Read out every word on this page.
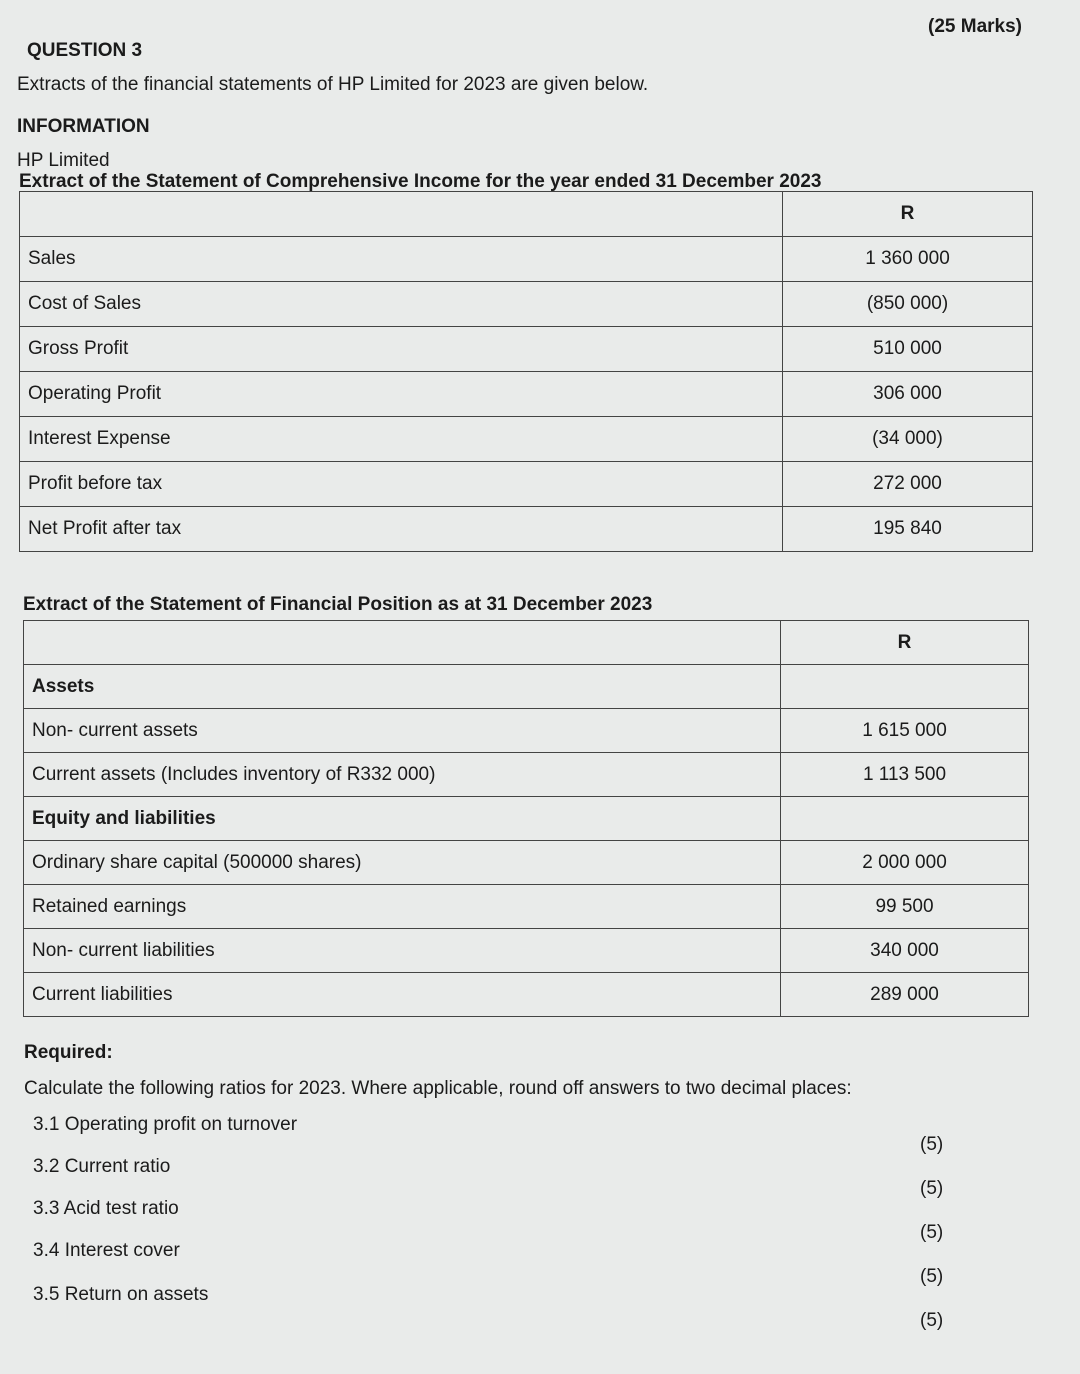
(25 Marks)
QUESTION 3
Extracts of the financial statements of HP Limited for 2023 are given below.
INFORMATION
HP Limited
Extract of the Statement of Comprehensive Income for the year ended 31 December 2023
	R
Sales	1 360 000
Cost of Sales	(850 000)
Gross Profit	510 000
Operating Profit	306 000
Interest Expense	(34 000)
Profit before tax	272 000
Net Profit after tax	195 840
Extract of the Statement of Financial Position as at 31 December 2023
	R
Assets	
Non- current assets	1 615 000
Current assets (Includes inventory of R332 000)	1 113 500
Equity and liabilities	
Ordinary share capital (500000 shares)	2 000 000
Retained earnings	99 500
Non- current liabilities	340 000
Current liabilities	289 000
Required:
Calculate the following ratios for 2023. Where applicable, round off answers to two decimal places:
3.1 Operating profit on turnover
3.2 Current ratio
3.3 Acid test ratio
3.4 Interest cover
3.5 Return on assets
(5)
(5)
(5)
(5)
(5)
